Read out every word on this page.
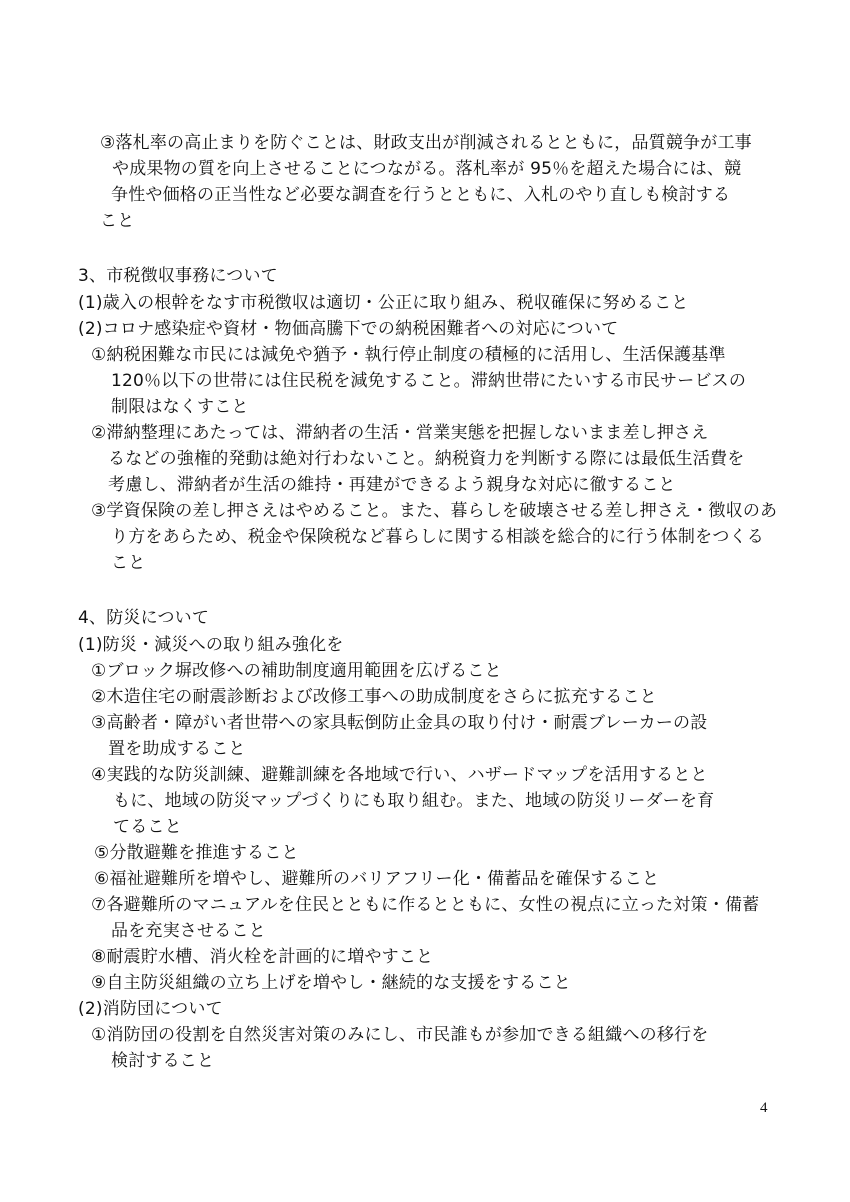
③落札率の高止まりを防ぐことは、財政支出が削減されるとともに，品質競争が工事
や成果物の質を向上させることにつながる。落札率が 95％を超えた場合には、競
争性や価格の正当性など必要な調査を行うとともに、入札のやり直しも検討する
こと
3、市税徴収事務について
(1)歳入の根幹をなす市税徴収は適切・公正に取り組み、税収確保に努めること
(2)コロナ感染症や資材・物価高騰下での納税困難者への対応について
①納税困難な市民には減免や猶予・執行停止制度の積極的に活用し、生活保護基準
120％以下の世帯には住民税を減免すること。滞納世帯にたいする市民サービスの
制限はなくすこと
②滞納整理にあたっては、滞納者の生活・営業実態を把握しないまま差し押さえ
るなどの強権的発動は絶対行わないこと。納税資力を判断する際には最低生活費を
考慮し、滞納者が生活の維持・再建ができるよう親身な対応に徹すること
③学資保険の差し押さえはやめること。また、暮らしを破壊させる差し押さえ・徴収のあ
り方をあらため、税金や保険税など暮らしに関する相談を総合的に行う体制をつくる
こと
4、防災について
(1)防災・減災への取り組み強化を
①ブロック塀改修への補助制度適用範囲を広げること
②木造住宅の耐震診断および改修工事への助成制度をさらに拡充すること
③高齢者・障がい者世帯への家具転倒防止金具の取り付け・耐震ブレーカーの設
置を助成すること
④実践的な防災訓練、避難訓練を各地域で行い、ハザードマップを活用するとと
もに、地域の防災マップづくりにも取り組む。また、地域の防災リーダーを育
てること
⑤分散避難を推進すること
⑥福祉避難所を増やし、避難所のバリアフリー化・備蓄品を確保すること
⑦各避難所のマニュアルを住民とともに作るとともに、女性の視点に立った対策・備蓄
品を充実させること
⑧耐震貯水槽、消火栓を計画的に増やすこと
⑨自主防災組織の立ち上げを増やし・継続的な支援をすること
(2)消防団について
①消防団の役割を自然災害対策のみにし、市民誰もが参加できる組織への移行を
検討すること
4
